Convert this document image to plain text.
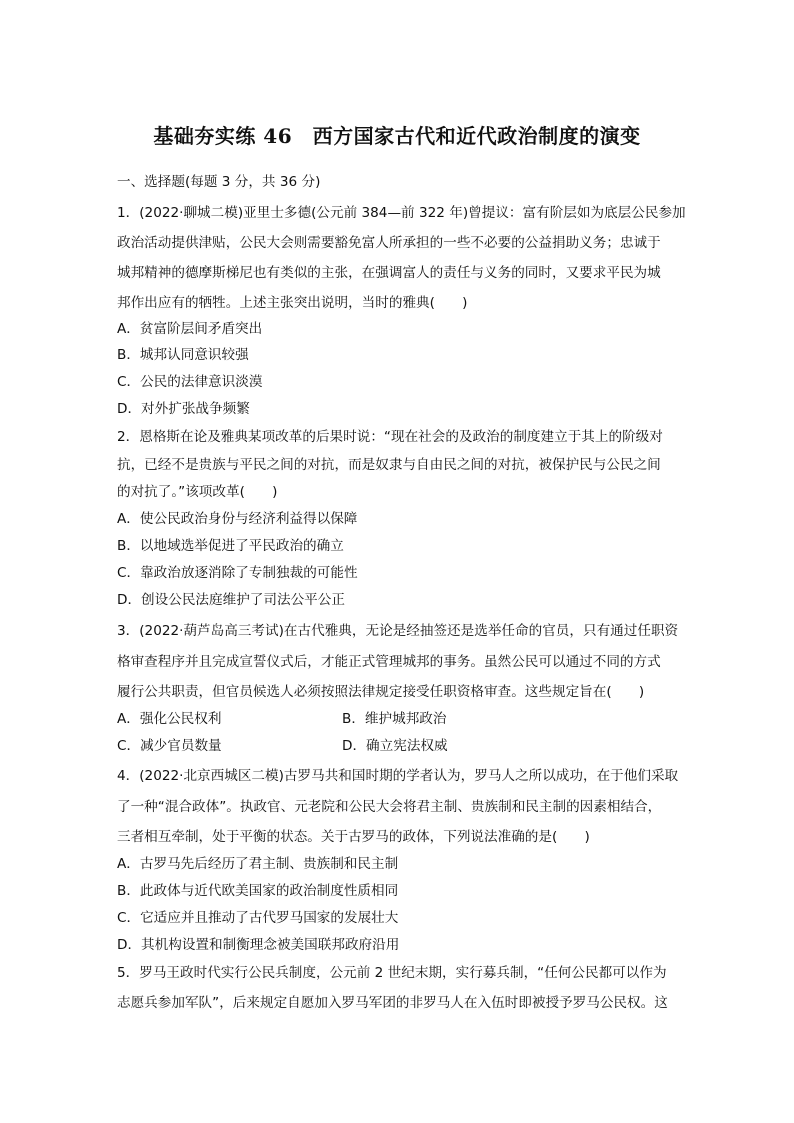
基础夯实练 46　西方国家古代和近代政治制度的演变
一、选择题(每题 3 分，共 36 分)
1．(2022·聊城二模)亚里士多德(公元前 384—前 322 年)曾提议：富有阶层如为底层公民参加
政治活动提供津贴，公民大会则需要豁免富人所承担的一些不必要的公益捐助义务；忠诚于
城邦精神的德摩斯梯尼也有类似的主张，在强调富人的责任与义务的同时，又要求平民为城
邦作出应有的牺牲。上述主张突出说明，当时的雅典(　　)
A．贫富阶层间矛盾突出
B．城邦认同意识较强
C．公民的法律意识淡漠
D．对外扩张战争频繁
2．恩格斯在论及雅典某项改革的后果时说：“现在社会的及政治的制度建立于其上的阶级对
抗，已经不是贵族与平民之间的对抗，而是奴隶与自由民之间的对抗，被保护民与公民之间
的对抗了。”该项改革(　　)
A．使公民政治身份与经济利益得以保障
B．以地域选举促进了平民政治的确立
C．靠政治放逐消除了专制独裁的可能性
D．创设公民法庭维护了司法公平公正
3．(2022·葫芦岛高三考试)在古代雅典，无论是经抽签还是选举任命的官员，只有通过任职资
格审查程序并且完成宣誓仪式后，才能正式管理城邦的事务。虽然公民可以通过不同的方式
履行公共职责，但官员候选人必须按照法律规定接受任职资格审查。这些规定旨在(　　)
A．强化公民权利	B．维护城邦政治
C．减少官员数量	D．确立宪法权威
4．(2022·北京西城区二模)古罗马共和国时期的学者认为，罗马人之所以成功，在于他们采取
了一种“混合政体”。执政官、元老院和公民大会将君主制、贵族制和民主制的因素相结合，
三者相互牵制，处于平衡的状态。关于古罗马的政体，下列说法准确的是(　　)
A．古罗马先后经历了君主制、贵族制和民主制
B．此政体与近代欧美国家的政治制度性质相同
C．它适应并且推动了古代罗马国家的发展壮大
D．其机构设置和制衡理念被美国联邦政府沿用
5．罗马王政时代实行公民兵制度，公元前 2 世纪末期，实行募兵制，“任何公民都可以作为
志愿兵参加军队”，后来规定自愿加入罗马军团的非罗马人在入伍时即被授予罗马公民权。这
